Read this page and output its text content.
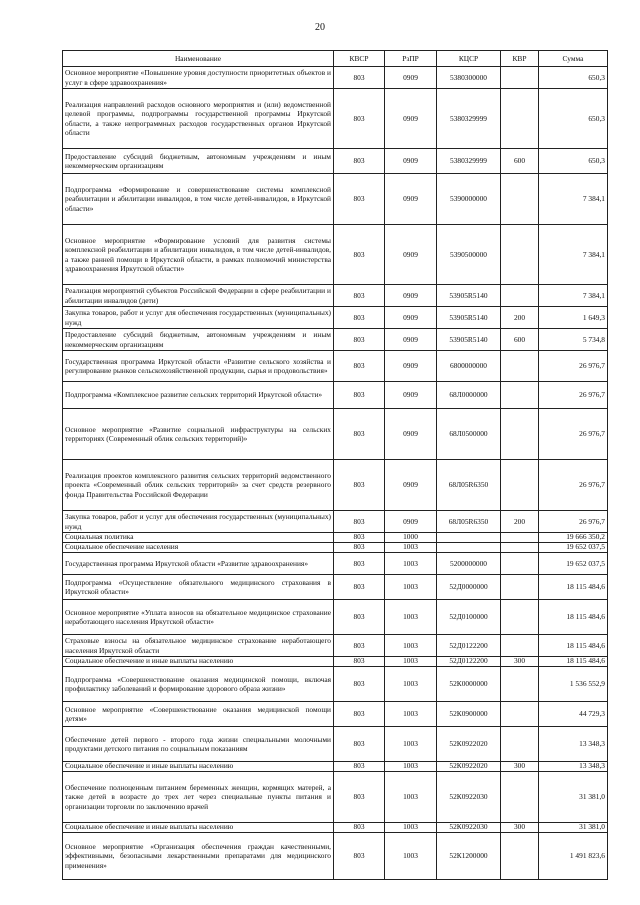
20
Наименование	КВСР	РзПР	КЦСР	КВР	Сумма
Основное мероприятие «Повышение уровня доступности приоритетных объектов и услуг в сфере здравоохранения»	803	0909	5380300000		650,3
Реализация направлений расходов основного мероприятия и (или) ведомственной целевой программы, подпрограммы государственной программы Иркутской области, а также непрограммных расходов государственных органов Иркутской области	803	0909	5380329999		650,3
Предоставление субсидий бюджетным, автономным учреждениям и иным некоммерческим организациям	803	0909	5380329999	600	650,3
Подпрограмма «Формирование и совершенствование системы комплексной реабилитации и абилитации инвалидов, в том числе детей-инвалидов, в Иркутской области»	803	0909	5390000000		7 384,1
Основное мероприятие «Формирование условий для развития системы комплексной реабилитации и абилитации инвалидов, в том числе детей-инвалидов, а также ранней помощи в Иркутской области, в рамках полномочий министерства здравоохранения Иркутской области»	803	0909	5390500000		7 384,1
Реализация мероприятий субъектов Российской Федерации в сфере реабилитации и абилитации инвалидов (дети)	803	0909	53905R5140		7 384,1
Закупка товаров, работ и услуг для обеспечения государственных (муниципальных) нужд	803	0909	53905R5140	200	1 649,3
Предоставление субсидий бюджетным, автономным учреждениям и иным некоммерческим организациям	803	0909	53905R5140	600	5 734,8
Государственная программа Иркутской области «Развитие сельского хозяйства и регулирование рынков сельскохозяйственной продукции, сырья и продовольствия»	803	0909	6800000000		26 976,7
Подпрограмма «Комплексное развитие сельских территорий Иркутской области»	803	0909	68Л0000000		26 976,7
Основное мероприятие «Развитие социальной инфраструктуры на сельских территориях (Современный облик сельских территорий)»	803	0909	68Л0500000		26 976,7
Реализация проектов комплексного развития сельских территорий ведомственного проекта «Современный облик сельских территорий» за счет средств резервного фонда Правительства Российской Федерации	803	0909	68Л05R6350		26 976,7
Закупка товаров, работ и услуг для обеспечения государственных (муниципальных) нужд	803	0909	68Л05R6350	200	26 976,7
Социальная политика	803	1000			19 666 350,2
Социальное обеспечение населения	803	1003			19 652 037,5
Государственная программа Иркутской области «Развитие здравоохранения»	803	1003	5200000000		19 652 037,5
Подпрограмма «Осуществление обязательного медицинского страхования в Иркутской области»	803	1003	52Д0000000		18 115 484,6
Основное мероприятие «Уплата взносов на обязательное медицинское страхование неработающего населения Иркутской области»	803	1003	52Д0100000		18 115 484,6
Страховые взносы на обязательное медицинское страхование неработающего населения Иркутской области	803	1003	52Д0122200		18 115 484,6
Социальное обеспечение и иные выплаты населению	803	1003	52Д0122200	300	18 115 484,6
Подпрограмма «Совершенствование оказания медицинской помощи, включая профилактику заболеваний и формирование здорового образа жизни»	803	1003	52К0000000		1 536 552,9
Основное мероприятие «Совершенствование оказания медицинской помощи детям»	803	1003	52К0900000		44 729,3
Обеспечение детей первого - второго года жизни специальными молочными продуктами детского питания по социальным показаниям	803	1003	52К0922020		13 348,3
Социальное обеспечение и иные выплаты населению	803	1003	52К0922020	300	13 348,3
Обеспечение полноценным питанием беременных женщин, кормящих матерей, а также детей в возрасте до трех лет через специальные пункты питания и организации торговли по заключению врачей	803	1003	52К0922030		31 381,0
Социальное обеспечение и иные выплаты населению	803	1003	52К0922030	300	31 381,0
Основное мероприятие «Организация обеспечения граждан качественными, эффективными, безопасными лекарственными препаратами для медицинского применения»	803	1003	52К1200000		1 491 823,6
